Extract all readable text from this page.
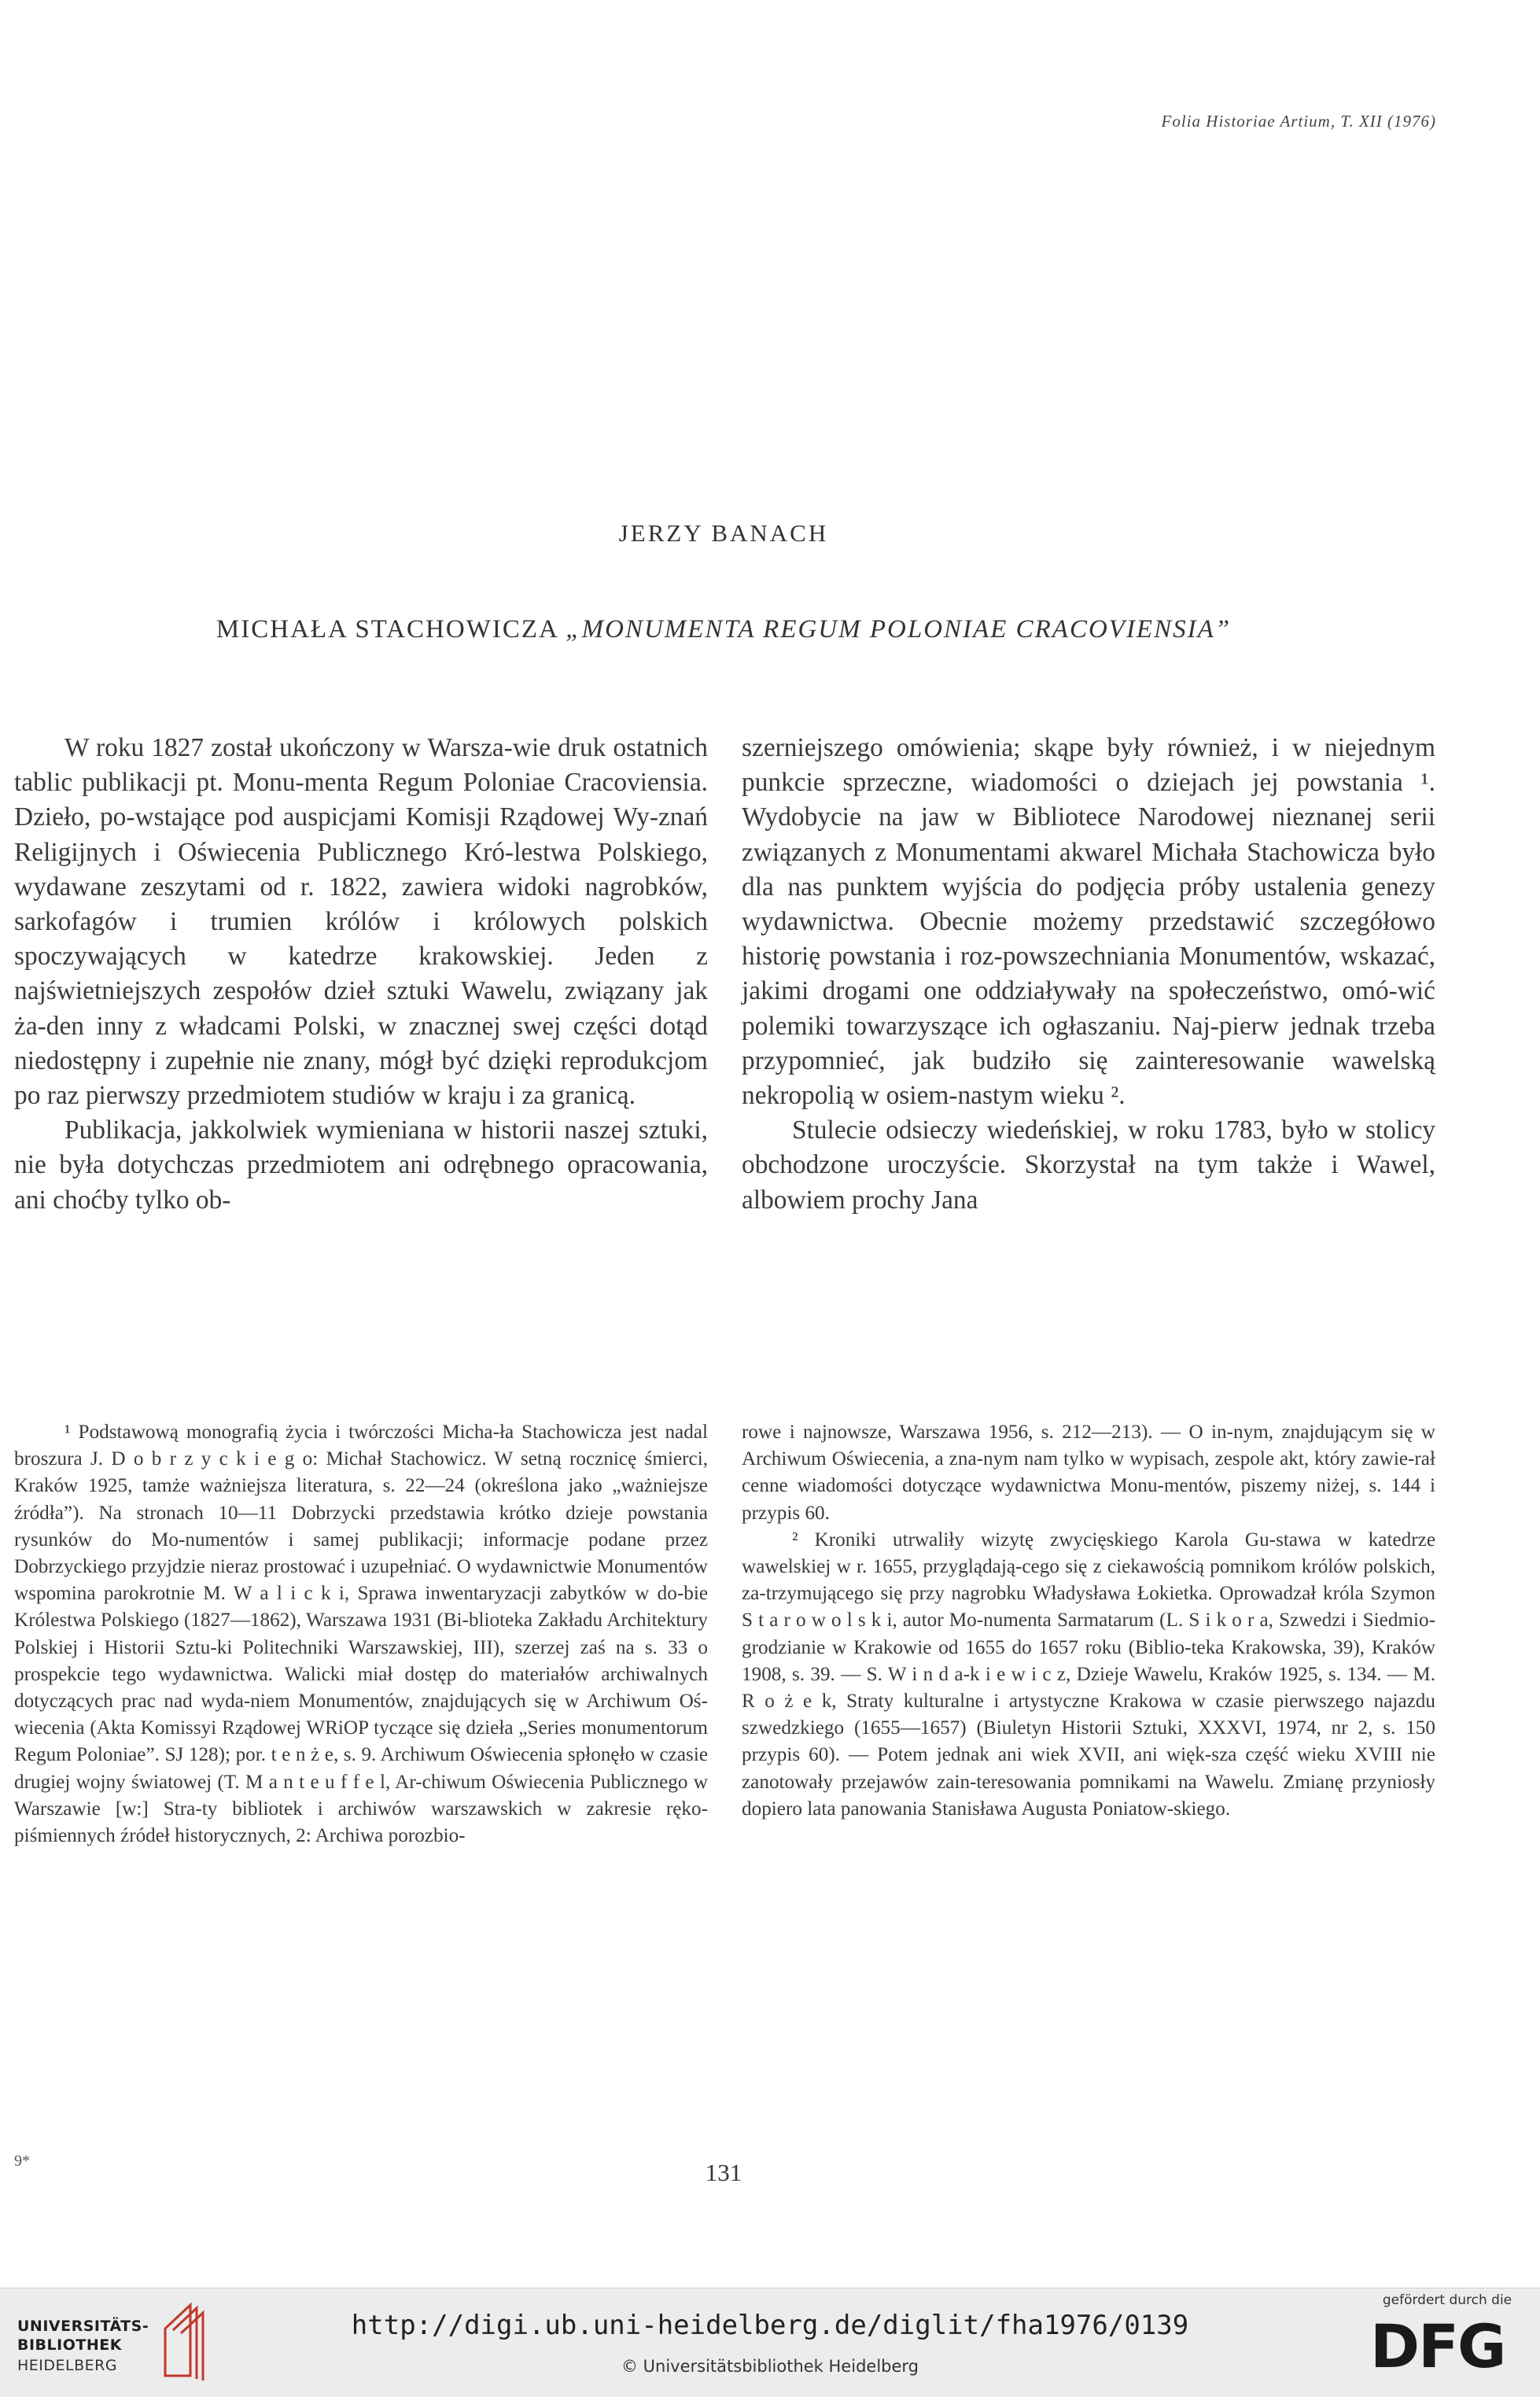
Folia Historiae Artium, T. XII (1976)
JERZY BANACH
MICHAŁA STACHOWICZA „MONUMENTA REGUM POLONIAE CRACOVIENSIA”

W roku 1827 został ukończony w Warsza-wie druk ostatnich tablic publikacji pt. Monu-menta Regum Poloniae Cracoviensia. Dzieło, po-wstające pod auspicjami Komisji Rządowej Wy-znań Religijnych i Oświecenia Publicznego Kró-lestwa Polskiego, wydawane zeszytami od r. 1822, zawiera widoki nagrobków, sarkofagów i trumien królów i królowych polskich spoczywających w katedrze krakowskiej. Jeden z najświetniejszych zespołów dzieł sztuki Wawelu, związany jak ża-den inny z władcami Polski, w znacznej swej części dotąd niedostępny i zupełnie nie znany, mógł być dzięki reprodukcjom po raz pierwszy przedmiotem studiów w kraju i za granicą.

Publikacja, jakkolwiek wymieniana w historii naszej sztuki, nie była dotychczas przedmiotem ani odrębnego opracowania, ani choćby tylko ob-

szerniejszego omówienia; skąpe były również, i w niejednym punkcie sprzeczne, wiadomości o dziejach jej powstania ¹. Wydobycie na jaw w Bibliotece Narodowej nieznanej serii związanych z Monumentami akwarel Michała Stachowicza było dla nas punktem wyjścia do podjęcia próby ustalenia genezy wydawnictwa. Obecnie możemy przedstawić szczegółowo historię powstania i roz-powszechniania Monumentów, wskazać, jakimi drogami one oddziaływały na społeczeństwo, omó-wić polemiki towarzyszące ich ogłaszaniu. Naj-pierw jednak trzeba przypomnieć, jak budziło się zainteresowanie wawelską nekropolią w osiem-nastym wieku ².

Stulecie odsieczy wiedeńskiej, w roku 1783, było w stolicy obchodzone uroczyście. Skorzystał na tym także i Wawel, albowiem prochy Jana

¹ Podstawową monografią życia i twórczości Micha-ła Stachowicza jest nadal broszura J. D o b r z y c k i e g o: Michał Stachowicz. W setną rocznicę śmierci, Kraków 1925, tamże ważniejsza literatura, s. 22—24 (określona jako „ważniejsze źródła”). Na stronach 10—11 Dobrzycki przedstawia krótko dzieje powstania rysunków do Mo-numentów i samej publikacji; informacje podane przez Dobrzyckiego przyjdzie nieraz prostować i uzupełniać. O wydawnictwie Monumentów wspomina parokrotnie M. W a l i c k i, Sprawa inwentaryzacji zabytków w do-bie Królestwa Polskiego (1827—1862), Warszawa 1931 (Bi-blioteka Zakładu Architektury Polskiej i Historii Sztu-ki Politechniki Warszawskiej, III), szerzej zaś na s. 33 o prospekcie tego wydawnictwa. Walicki miał dostęp do materiałów archiwalnych dotyczących prac nad wyda-niem Monumentów, znajdujących się w Archiwum Oś-wiecenia (Akta Komissyi Rządowej WRiOP tyczące się dzieła „Series monumentorum Regum Poloniae”. SJ 128); por. t e n ż e, s. 9. Archiwum Oświecenia spłonęło w czasie drugiej wojny światowej (T. M a n t e u f f e l, Ar-chiwum Oświecenia Publicznego w Warszawie [w:] Stra-ty bibliotek i archiwów warszawskich w zakresie ręko-piśmiennych źródeł historycznych, 2: Archiwa porozbio-

rowe i najnowsze, Warszawa 1956, s. 212—213). — O in-nym, znajdującym się w Archiwum Oświecenia, a zna-nym nam tylko w wypisach, zespole akt, który zawie-rał cenne wiadomości dotyczące wydawnictwa Monu-mentów, piszemy niżej, s. 144 i przypis 60.

² Kroniki utrwaliły wizytę zwycięskiego Karola Gu-stawa w katedrze wawelskiej w r. 1655, przyglądają-cego się z ciekawością pomnikom królów polskich, za-trzymującego się przy nagrobku Władysława Łokietka. Oprowadzał króla Szymon S t a r o w o l s k i, autor Mo-numenta Sarmatarum (L. S i k o r a, Szwedzi i Siedmio-grodzianie w Krakowie od 1655 do 1657 roku (Biblio-teka Krakowska, 39), Kraków 1908, s. 39. — S. W i n d a-k i e w i c z, Dzieje Wawelu, Kraków 1925, s. 134. — M. R o ż e k, Straty kulturalne i artystyczne Krakowa w czasie pierwszego najazdu szwedzkiego (1655—1657) (Biuletyn Historii Sztuki, XXXVI, 1974, nr 2, s. 150 przypis 60). — Potem jednak ani wiek XVII, ani więk-sza część wieku XVIII nie zanotowały przejawów zain-teresowania pomnikami na Wawelu. Zmianę przyniosły dopiero lata panowania Stanisława Augusta Poniatow-skiego.

9*	131
UNIVERSITÄTS-
BIBLIOTHEK
HEIDELBERG
http://digi.ub.uni-heidelberg.de/diglit/fha1976/0139
© Universitätsbibliothek Heidelberg
gefördert durch die
DFG
